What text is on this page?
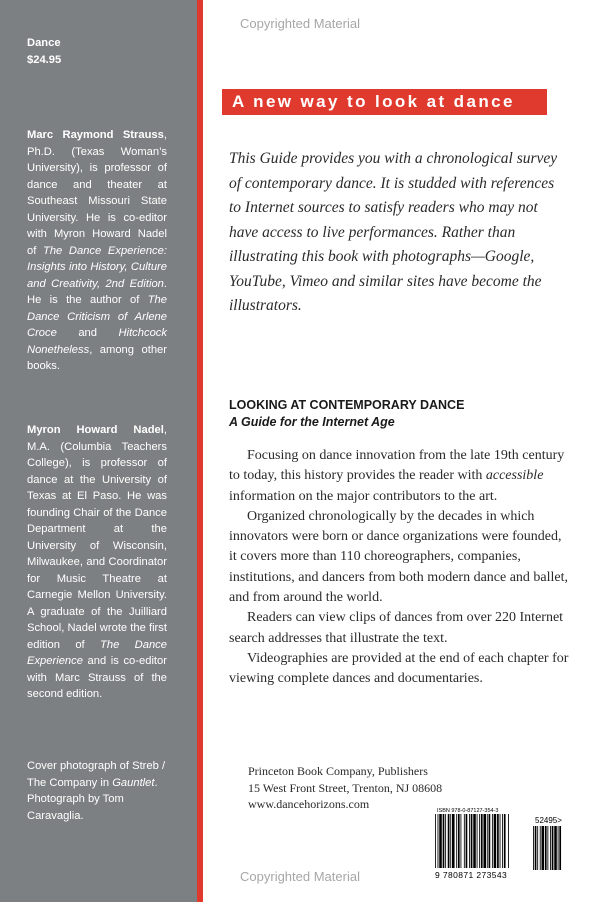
Copyrighted Material

Dance

$24.95

Marc Raymond Strauss, Ph.D. (Texas Woman’s University), is professor of dance and theater at Southeast Missouri State University. He is co-editor with Myron Howard Nadel of The Dance Experience: Insights into History, Culture and Creativity, 2nd Edition. He is the author of The Dance Criticism of Arlene Croce and Hitchcock Nonetheless, among other books.

Myron Howard Nadel, M.A. (Columbia Teachers College), is professor of dance at the University of Texas at El Paso. He was founding Chair of the Dance Department at the University of Wisconsin, Milwaukee, and Coordinator for Music Theatre at Carnegie Mellon University. A graduate of the Juilliard School, Nadel wrote the first edition of The Dance Experience and is co-editor with Marc Strauss of the second edition.

Cover photograph of Streb / The Company in Gauntlet. Photograph by Tom Caravaglia.

A new way to look at dance
This Guide provides you with a chronological survey of contemporary dance. It is studded with references to Internet sources to satisfy readers who may not have access to live performances. Rather than illustrating this book with photographs—Google, YouTube, Vimeo and similar sites have become the illustrators.
LOOKING AT CONTEMPORARY DANCE
A Guide for the Internet Age

Focusing on dance innovation from the late 19th century to today, this history provides the reader with accessible information on the major contributors to the art.

Organized chronologically by the decades in which innovators were born or dance organizations were founded, it covers more than 110 choreographers, companies, institutions, and dancers from both modern dance and ballet, and from around the world.

Readers can view clips of dances from over 220 Internet search addresses that illustrate the text.

Videographies are provided at the end of each chapter for viewing complete dances and documentaries.

Princeton Book Company, Publishers
15 West Front Street, Trenton, NJ 08608
www.dancehorizons.com	ISBN 978-0-87127-354-3
52495>
9 780871 273543
Copyrighted Material
